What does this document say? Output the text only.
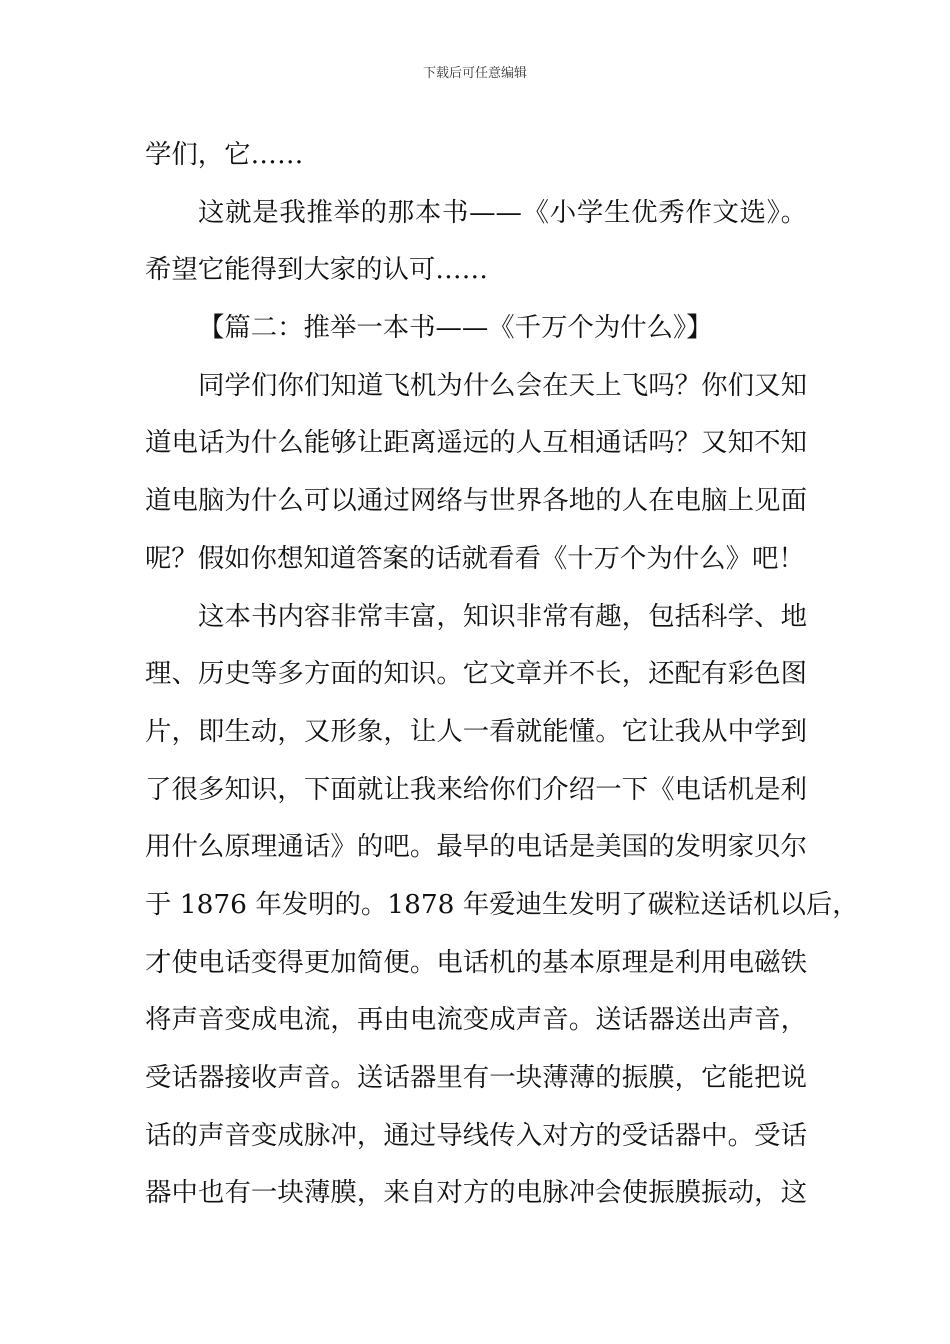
下载后可任意编辑
学们，它……
这就是我推举的那本书——《小学生优秀作文选》。
希望它能得到大家的认可……
【篇二：推举一本书——《千万个为什么》】
同学们你们知道飞机为什么会在天上飞吗？你们又知
道电话为什么能够让距离遥远的人互相通话吗？又知不知
道电脑为什么可以通过网络与世界各地的人在电脑上见面
呢？假如你想知道答案的话就看看《十万个为什么》吧！
这本书内容非常丰富，知识非常有趣，包括科学、地
理、历史等多方面的知识。它文章并不长，还配有彩色图
片，即生动，又形象，让人一看就能懂。它让我从中学到
了很多知识，下面就让我来给你们介绍一下《电话机是利
用什么原理通话》的吧。最早的电话是美国的发明家贝尔
于 1876 年发明的。1878 年爱迪生发明了碳粒送话机以后，
才使电话变得更加简便。电话机的基本原理是利用电磁铁
将声音变成电流，再由电流变成声音。送话器送出声音，
受话器接收声音。送话器里有一块薄薄的振膜，它能把说
话的声音变成脉冲，通过导线传入对方的受话器中。受话
器中也有一块薄膜，来自对方的电脉冲会使振膜振动，这
